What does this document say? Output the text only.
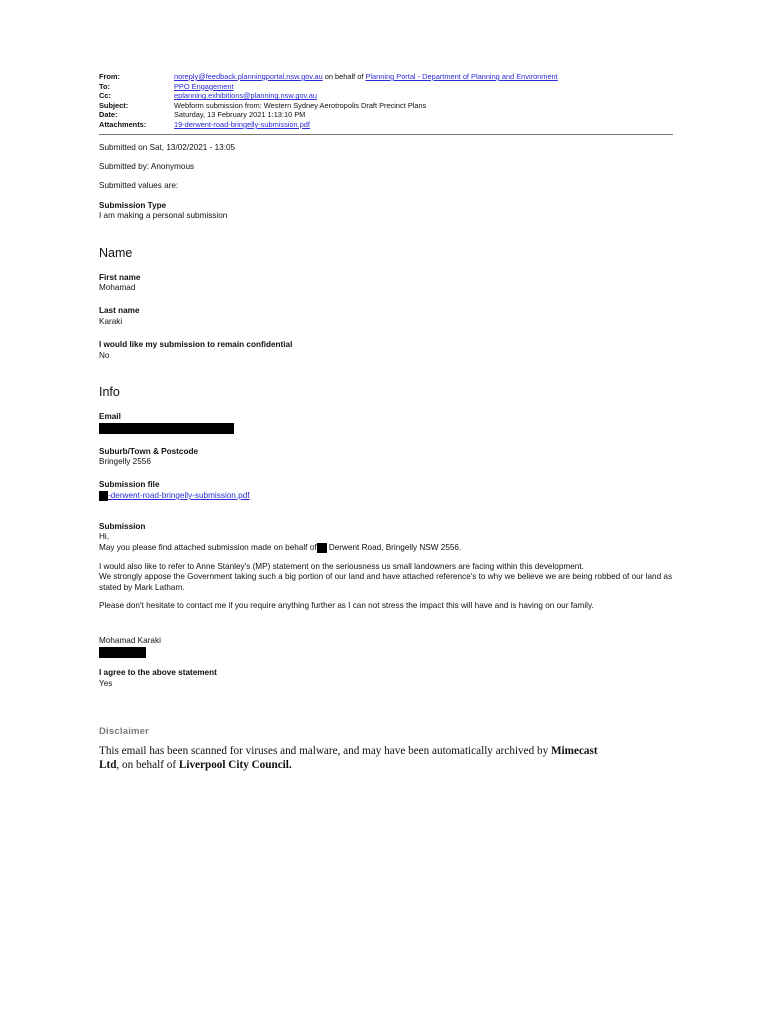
From:	noreply@feedback.planningportal.nsw.gov.au on behalf of Planning Portal - Department of Planning and Environment
To:	PPO Engagement
Cc:	eplanning.exhibitions@planning.nsw.gov.au
Subject:	Webform submission from: Western Sydney Aerotropolis Draft Precinct Plans
Date:	Saturday, 13 February 2021 1:13:10 PM
Attachments:	19-derwent-road-bringelly-submission.pdf

Submitted on Sat, 13/02/2021 - 13:05

Submitted by: Anonymous

Submitted values are:

Submission Type
I am making a personal submission
Name
First name
Mohamad
Last name
Karaki
I would like my submission to remain confidential
No
Info
Email
Suburb/Town & Postcode
Bringelly 2556
Submission file
-derwent-road-bringelly-submission.pdf
Submission
Hi,
May you please find attached submission made on behalf of Derwent Road, Bringelly NSW 2556.
I would also like to refer to Anne Stanley's (MP) statement on the seriousness us small landowners are facing within this development.
We strongly appose the Government taking such a big portion of our land and have attached reference's to why we believe we are being robbed of our land as stated by Mark Latham.
Please don't hesitate to contact me if you require anything further as I can not stress the impact this will have and is having on our family.
Mohamad Karaki
I agree to the above statement
Yes
Disclaimer
This email has been scanned for viruses and malware, and may have been automatically archived by Mimecast Ltd, on behalf of Liverpool City Council.
